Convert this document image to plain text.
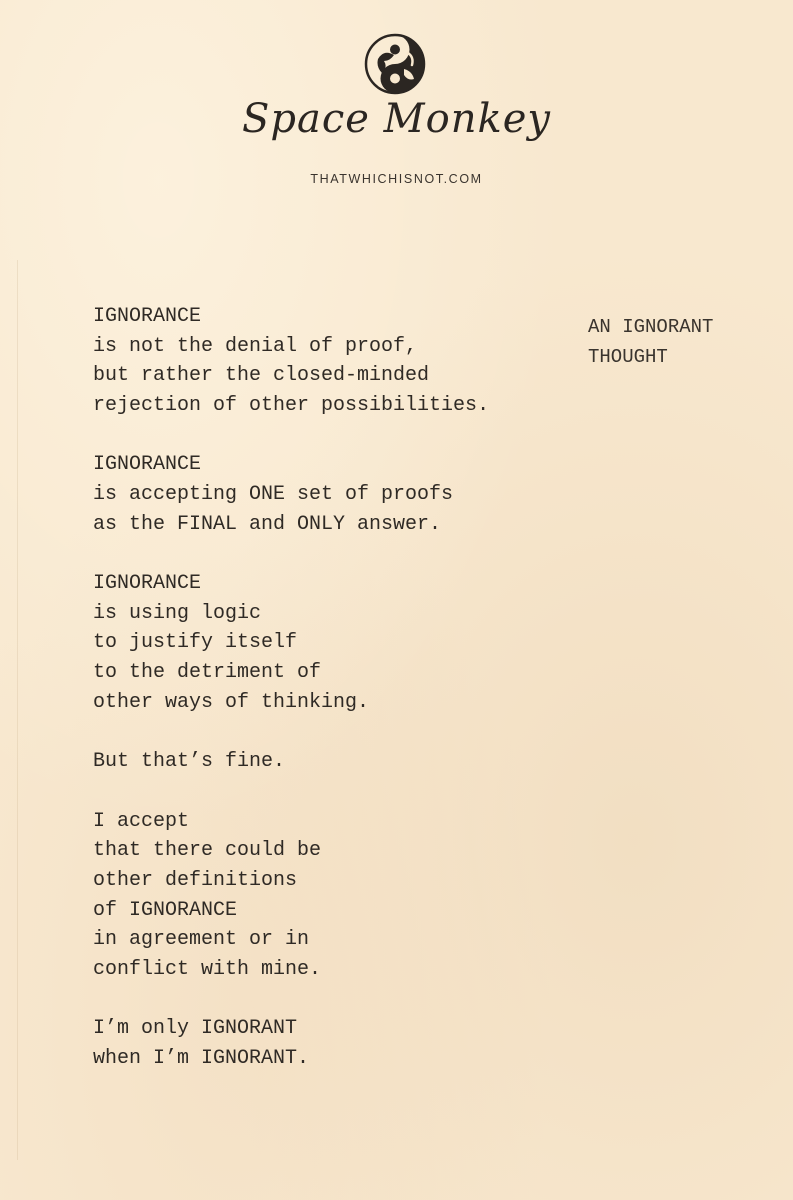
Space Monkey
THATWHICHISNOT.COM
AN IGNORANT
THOUGHT
IGNORANCE
is not the denial of proof,
but rather the closed-minded
rejection of other possibilities.
IGNORANCE
is accepting ONE set of proofs
as the FINAL and ONLY answer.
IGNORANCE
is using logic
to justify itself
to the detriment of
other ways of thinking.
But that’s fine.
I accept
that there could be
other definitions
of IGNORANCE
in agreement or in
conflict with mine.
I’m only IGNORANT
when I’m IGNORANT.
